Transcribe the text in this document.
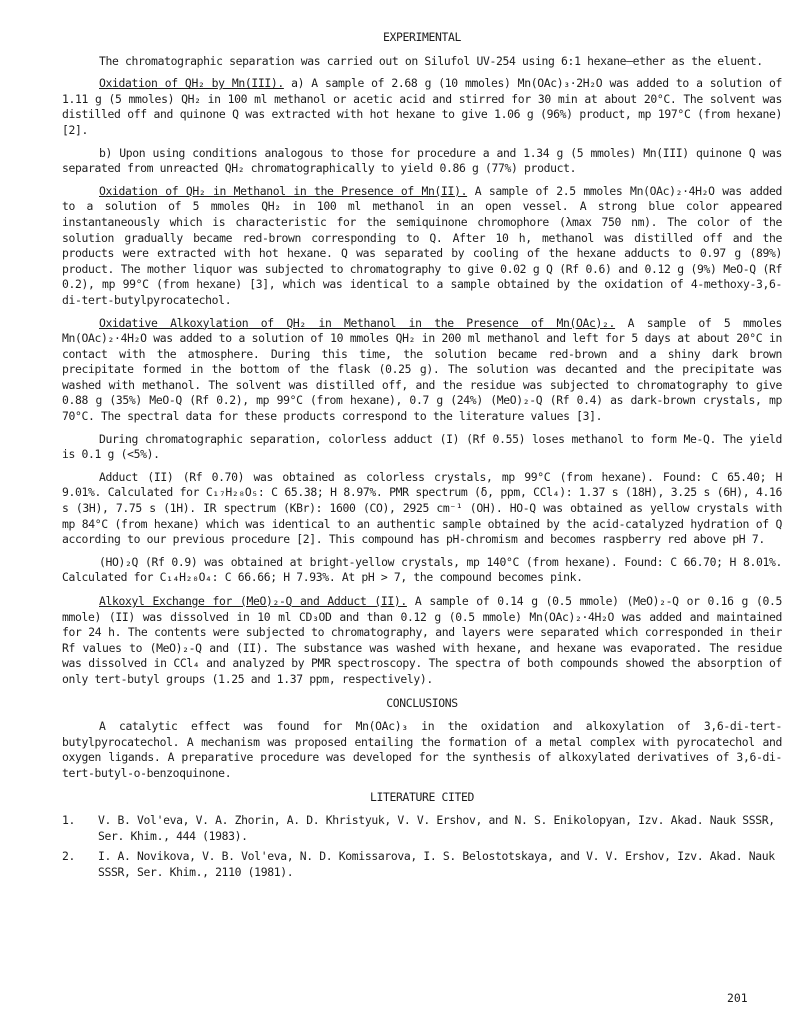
EXPERIMENTAL

The chromatographic separation was carried out on Silufol UV-254 using 6:1 hexane–ether as the eluent.

Oxidation of QH₂ by Mn(III). a) A sample of 2.68 g (10 mmoles) Mn(OAc)₃·2H₂O was added to a solution of 1.11 g (5 mmoles) QH₂ in 100 ml methanol or acetic acid and stirred for 30 min at about 20°C. The solvent was distilled off and quinone Q was extracted with hot hexane to give 1.06 g (96%) product, mp 197°C (from hexane) [2].

b) Upon using conditions analogous to those for procedure a and 1.34 g (5 mmoles) Mn(III) quinone Q was separated from unreacted QH₂ chromatographically to yield 0.86 g (77%) product.

Oxidation of QH₂ in Methanol in the Presence of Mn(II). A sample of 2.5 mmoles Mn(OAc)₂·4H₂O was added to a solution of 5 mmoles QH₂ in 100 ml methanol in an open vessel. A strong blue color appeared instantaneously which is characteristic for the semiquinone chromophore (λmax 750 nm). The color of the solution gradually became red-brown corresponding to Q. After 10 h, methanol was distilled off and the products were extracted with hot hexane. Q was separated by cooling of the hexane adducts to 0.97 g (89%) product. The mother liquor was subjected to chromatography to give 0.02 g Q (Rf 0.6) and 0.12 g (9%) MeO-Q (Rf 0.2), mp 99°C (from hexane) [3], which was identical to a sample obtained by the oxidation of 4-methoxy-3,6-di-tert-butylpyrocatechol.

Oxidative Alkoxylation of QH₂ in Methanol in the Presence of Mn(OAc)₂. A sample of 5 mmoles Mn(OAc)₂·4H₂O was added to a solution of 10 mmoles QH₂ in 200 ml methanol and left for 5 days at about 20°C in contact with the atmosphere. During this time, the solution became red-brown and a shiny dark brown precipitate formed in the bottom of the flask (0.25 g). The solution was decanted and the precipitate was washed with methanol. The solvent was distilled off, and the residue was subjected to chromatography to give 0.88 g (35%) MeO-Q (Rf 0.2), mp 99°C (from hexane), 0.7 g (24%) (MeO)₂-Q (Rf 0.4) as dark-brown crystals, mp 70°C. The spectral data for these products correspond to the literature values [3].

During chromatographic separation, colorless adduct (I) (Rf 0.55) loses methanol to form Me-Q. The yield is 0.1 g (<5%).

Adduct (II) (Rf 0.70) was obtained as colorless crystals, mp 99°C (from hexane). Found: C 65.40; H 9.01%. Calculated for C₁₇H₂₈O₅: C 65.38; H 8.97%. PMR spectrum (δ, ppm, CCl₄): 1.37 s (18H), 3.25 s (6H), 4.16 s (3H), 7.75 s (1H). IR spectrum (KBr): 1600 (CO), 2925 cm⁻¹ (OH). HO-Q was obtained as yellow crystals with mp 84°C (from hexane) which was identical to an authentic sample obtained by the acid-catalyzed hydration of Q according to our previous procedure [2]. This compound has pH-chromism and becomes raspberry red above pH 7.

(HO)₂Q (Rf 0.9) was obtained at bright-yellow crystals, mp 140°C (from hexane). Found: C 66.70; H 8.01%. Calculated for C₁₄H₂₀O₄: C 66.66; H 7.93%. At pH > 7, the compound becomes pink.

Alkoxyl Exchange for (MeO)₂-Q and Adduct (II). A sample of 0.14 g (0.5 mmole) (MeO)₂-Q or 0.16 g (0.5 mmole) (II) was dissolved in 10 ml CD₃OD and than 0.12 g (0.5 mmole) Mn(OAc)₂·4H₂O was added and maintained for 24 h. The contents were subjected to chromatography, and layers were separated which corresponded in their Rf values to (MeO)₂-Q and (II). The substance was washed with hexane, and hexane was evaporated. The residue was dissolved in CCl₄ and analyzed by PMR spectroscopy. The spectra of both compounds showed the absorption of only tert-butyl groups (1.25 and 1.37 ppm, respectively).

CONCLUSIONS

A catalytic effect was found for Mn(OAc)₃ in the oxidation and alkoxylation of 3,6-di-tert-butylpyrocatechol. A mechanism was proposed entailing the formation of a metal complex with pyrocatechol and oxygen ligands. A preparative procedure was developed for the synthesis of alkoxylated derivatives of 3,6-di-tert-butyl-o-benzoquinone.

LITERATURE CITED
1. V. B. Vol'eva, V. A. Zhorin, A. D. Khristyuk, V. V. Ershov, and N. S. Enikolopyan, Izv. Akad. Nauk SSSR, Ser. Khim., 444 (1983).
2. I. A. Novikova, V. B. Vol'eva, N. D. Komissarova, I. S. Belostotskaya, and V. V. Ershov, Izv. Akad. Nauk SSSR, Ser. Khim., 2110 (1981).
201
